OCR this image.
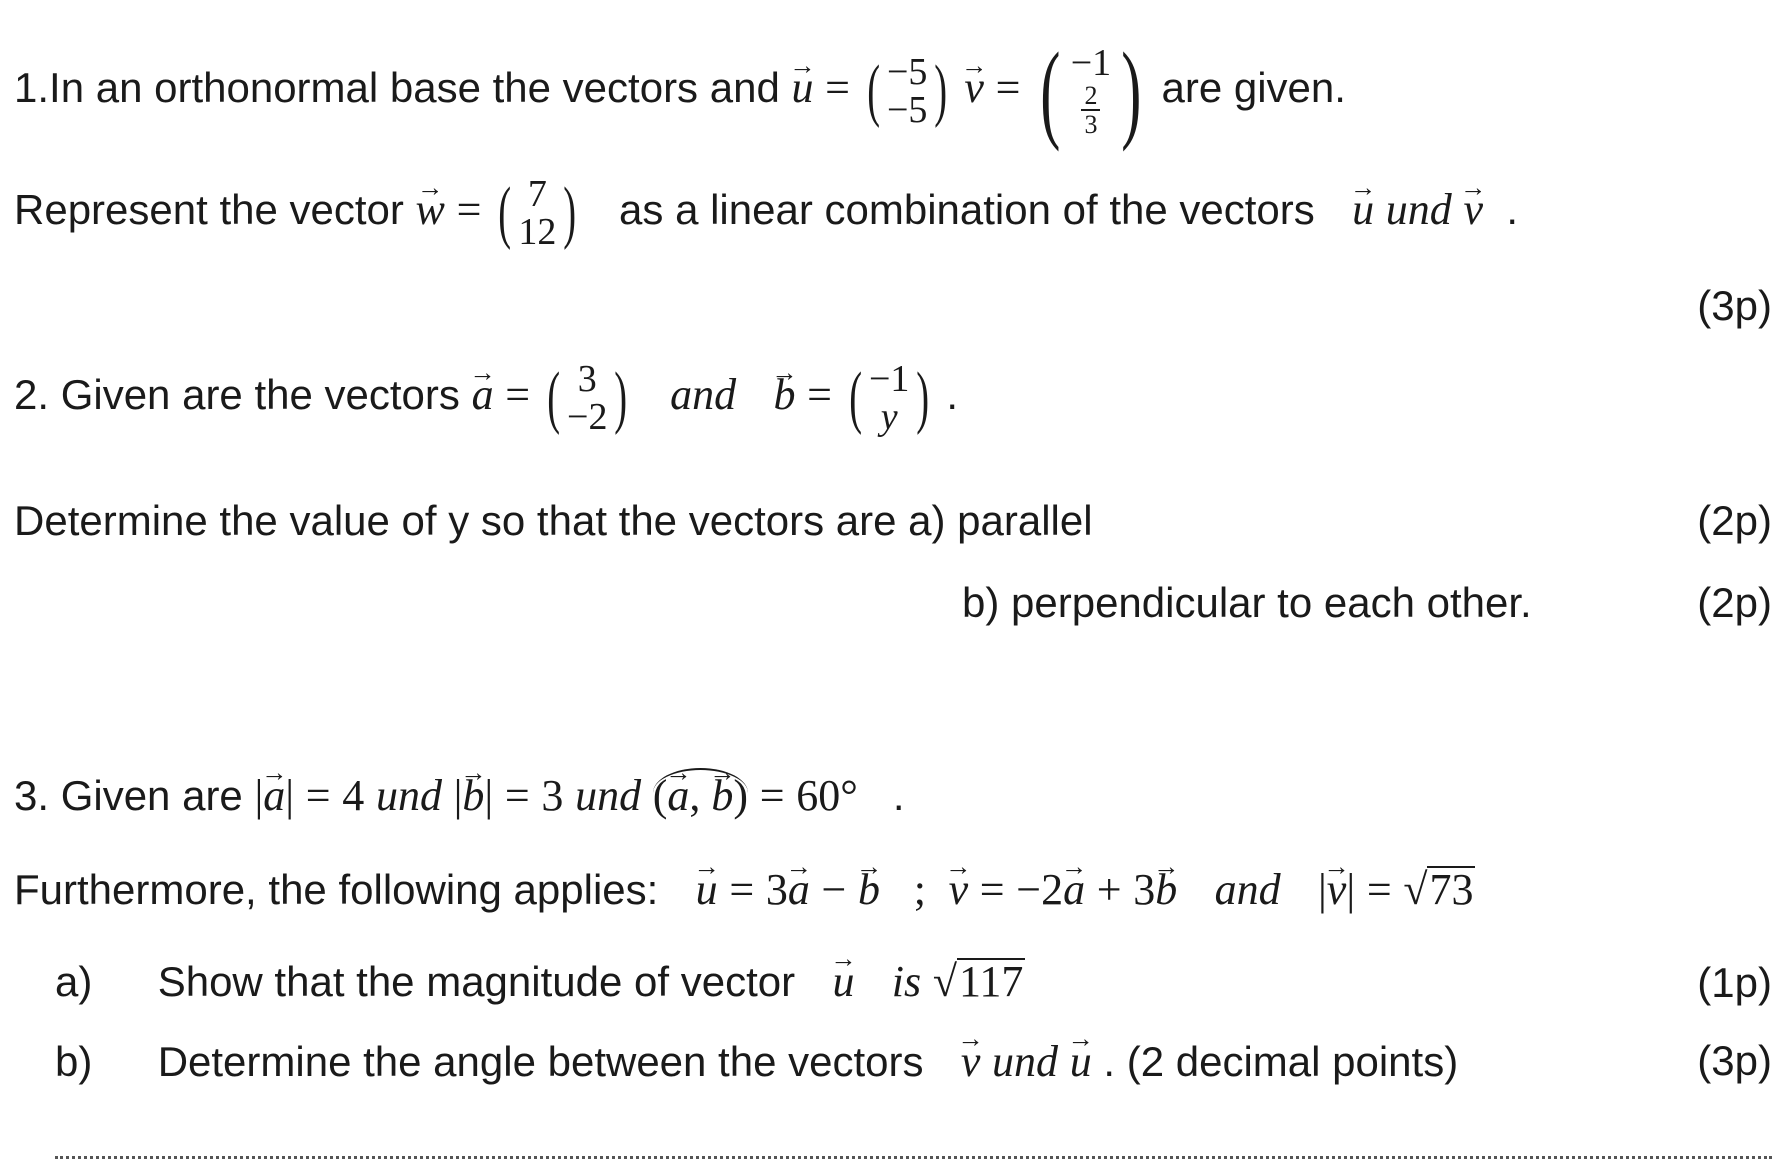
1.In an orthonormal base the vectors and u → = ( −5
−5 ) v → = ( −1
$\frac{2}{3}$ ) are given.
Represent the vector w → = ( 7
12 ) as a linear combination of the vectors u → und v →  .
(3p)
2. Given are the vectors a → = ( 3
−2 ) and b → = ( −1
y ) .
Determine the value of y so that the vectors are a) parallel	(2p)
b) perpendicular to each other.	(2p)
3. Given are |a →| = 4 und |b →| = 3 und (a →, b →) = 60°   .
Furthermore, the following applies: u → = 3a → − b →   ;  v → = −2a → + 3b → and |v →| = √ 73
a) Show that the magnitude of vector u → is √ 117	(1p)
b) Determine the angle between the vectors v → und u → . (2 decimal points)	(3p)
